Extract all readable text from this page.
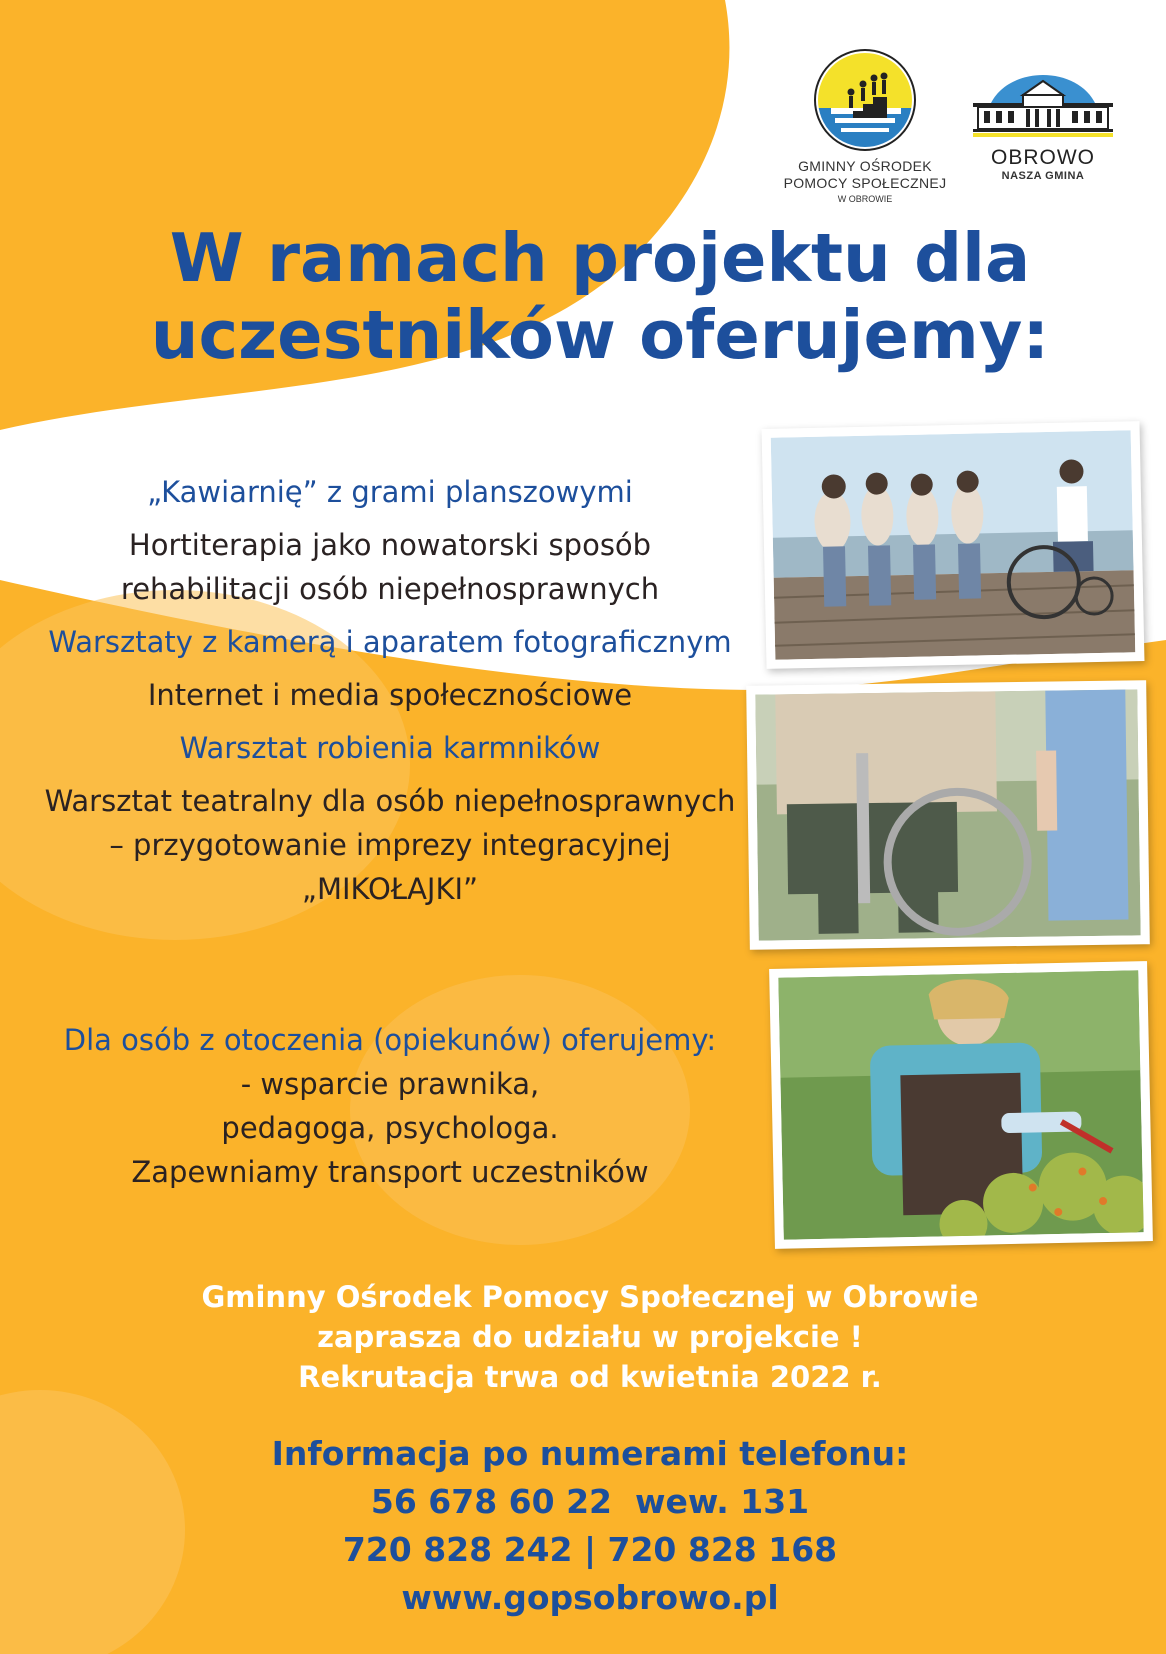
GMINNY OŚRODEK
POMOCY SPOŁECZNEJ
W OBROWIE
OBROWO
NASZA GMINA
W ramach projektu dla
uczestników oferujemy:
„Kawiarnię” z grami planszowymi
Hortiterapia jako nowatorski sposób rehabilitacji osób niepełnosprawnych
Warsztaty z kamerą i aparatem fotograficznym
Internet i media społecznościowe
Warsztat robienia karmników
Warsztat teatralny dla osób niepełnosprawnych – przygotowanie imprezy integracyjnej „MIKOŁAJKI”
Dla osób z otoczenia (opiekunów) oferujemy:
- wsparcie prawnika,
pedagoga, psychologa.
Zapewniamy transport uczestników
Gminny Ośrodek Pomocy Społecznej w Obrowie
zaprasza do udziału w projekcie !
Rekrutacja trwa od kwietnia 2022 r.
Informacja po numerami telefonu:
56 678 60 22  wew. 131
720 828 242 | 720 828 168
www.gopsobrowo.pl
